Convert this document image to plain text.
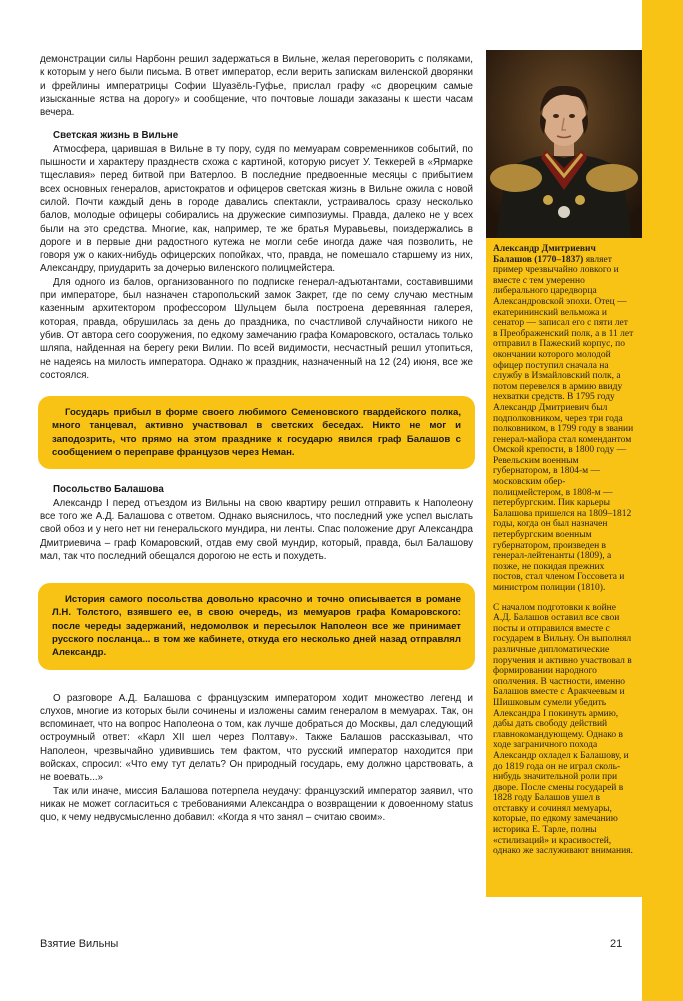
демонстрации силы Нарбонн решил задержаться в Вильне, желая переговорить с поляками, к которым у него были письма. В ответ император, если верить запискам виленской дворянки и фрейлины императрицы Софии Шуазёль-Гуфье, прислал графу «с дворецким самые изысканные яства на дорогу» и сообщение, что почтовые лошади заказаны к шести часам вечера.

Светская жизнь в Вильне

Атмосфера, царившая в Вильне в ту пору, судя по мемуарам современников событий, по пышности и характеру празднеств схожа с картиной, которую рисует У. Теккерей в «Ярмарке тщеславия» перед битвой при Ватерлоо. В последние предвоенные месяцы с прибытием всех основных генералов, аристократов и офицеров светская жизнь в Вильне ожила с новой силой. Почти каждый день в городе давались спектакли, устраивалось сразу несколько балов, молодые офицеры собирались на дружеские симпозиумы. Правда, далеко не у всех были на это средства. Многие, как, например, те же братья Муравьевы, поиздержались в дороге и в первые дни радостного кутежа не могли себе иногда даже чая позволить, не говоря уж о каких-нибудь офицерских попойках, что, правда, не помешало старшему из них, Александру, приударить за дочерью виленского полицмейстера.

Для одного из балов, организованного по подписке генерал-адъютантами, составившими при императоре, был назначен старопольский замок Закрет, где по сему случаю местным казенным архитектором профессором Шульцем была построена деревянная галерея, которая, правда, обрушилась за день до праздника, по счастливой случайности никого не убив. От автора сего сооружения, по едкому замечанию графа Комаровского, осталась только шляпа, найденная на берегу реки Вилии. По всей видимости, несчастный решил утопиться, не надеясь на милость императора. Однако ж праздник, назначенный на 12 (24) июня, все же состоялся.

Государь прибыл в форме своего любимого Семеновского гвардейского полка, много танцевал, активно участвовал в светских беседах. Никто не мог и заподозрить, что прямо на этом празднике к государю явился граф Балашов с сообщением о переправе французов через Неман.
Посольство Балашова

Александр I перед отъездом из Вильны на свою квартиру решил отправить к Наполеону все того же А.Д. Балашова с ответом. Однако выяснилось, что последний уже успел выслать свой обоз и у него нет ни генеральского мундира, ни ленты. Спас положение друг Александра Дмитриевича – граф Комаровский, отдав ему свой мундир, который, правда, был Балашову мал, так что последний обещался дорогою не есть и похудеть.

История самого посольства довольно красочно и точно описывается в романе Л.Н. Толстого, взявшего ее, в свою очередь, из мемуаров графа Комаровского: после череды задержаний, недомолвок и пересылок Наполеон все же принимает русского посланца... в том же кабинете, откуда его несколько дней назад отправлял Александр.

О разговоре А.Д. Балашова с французским императором ходит множество легенд и слухов, многие из которых были сочинены и изложены самим генералом в мемуарах. Так, он вспоминает, что на вопрос Наполеона о том, как лучше добраться до Москвы, дал следующий остроумный ответ: «Карл XII шел через Полтаву». Также Балашов рассказывал, что Наполеон, чрезвычайно удивившись тем фактом, что русский император находится при войсках, спросил: «Что ему тут делать? Он природный государь, ему должно царствовать, а не воевать...»

Так или иначе, миссия Балашова потерпела неудачу: французский император заявил, что никак не может согласиться с требованиями Александра о возвращении к довоенному status quo, к чему недвусмысленно добавил: «Когда я что занял – считаю своим».

Александр Дмитриевич Балашов (1770–1837) являет пример чрезвычайно ловкого и вместе с тем умеренно либерального царедворца Александровской эпохи. Отец — екатерининский вельможа и сенатор — записал его с пяти лет в Преображенский полк, а в 11 лет отправил в Пажеский корпус, по окончании которого молодой офицер поступил сначала на службу в Измайловский полк, а потом перевелся в армию ввиду нехватки средств. В 1795 году Александр Дмитриевич был подполковником, через три года полковником, в 1799 году в звании генерал-майора стал комендантом Омской крепости, в 1800 году — Ревельским военным губернатором, в 1804-м — московским обер-полицмейстером, в 1808-м — петербургским. Пик карьеры Балашова пришелся на 1809–1812 годы, когда он был назначен петербургским военным губернатором, произведен в генерал-лейтенанты (1809), а позже, не покидая прежних постов, стал членом Госсовета и министром полиции (1810).

С началом подготовки к войне А.Д. Балашов оставил все свои посты и отправился вместе с государем в Вильну. Он выполнял различные дипломатические поручения и активно участвовал в формировании народного ополчения. В частности, именно Балашов вместе с Аракчеевым и Шишковым сумели убедить Александра I покинуть армию, дабы дать свободу действий главнокомандующему. Однако в ходе заграничного похода Александр охладел к Балашову, и до 1819 года он не играл сколь-нибудь значительной роли при дворе. После смены государей в 1828 году Балашов ушел в отставку и сочинял мемуары, которые, по едкому замечанию историка Е. Тарле, полны «стилизаций» и красивостей, однако же заслуживают внимания.

Взятие Вильны	21
